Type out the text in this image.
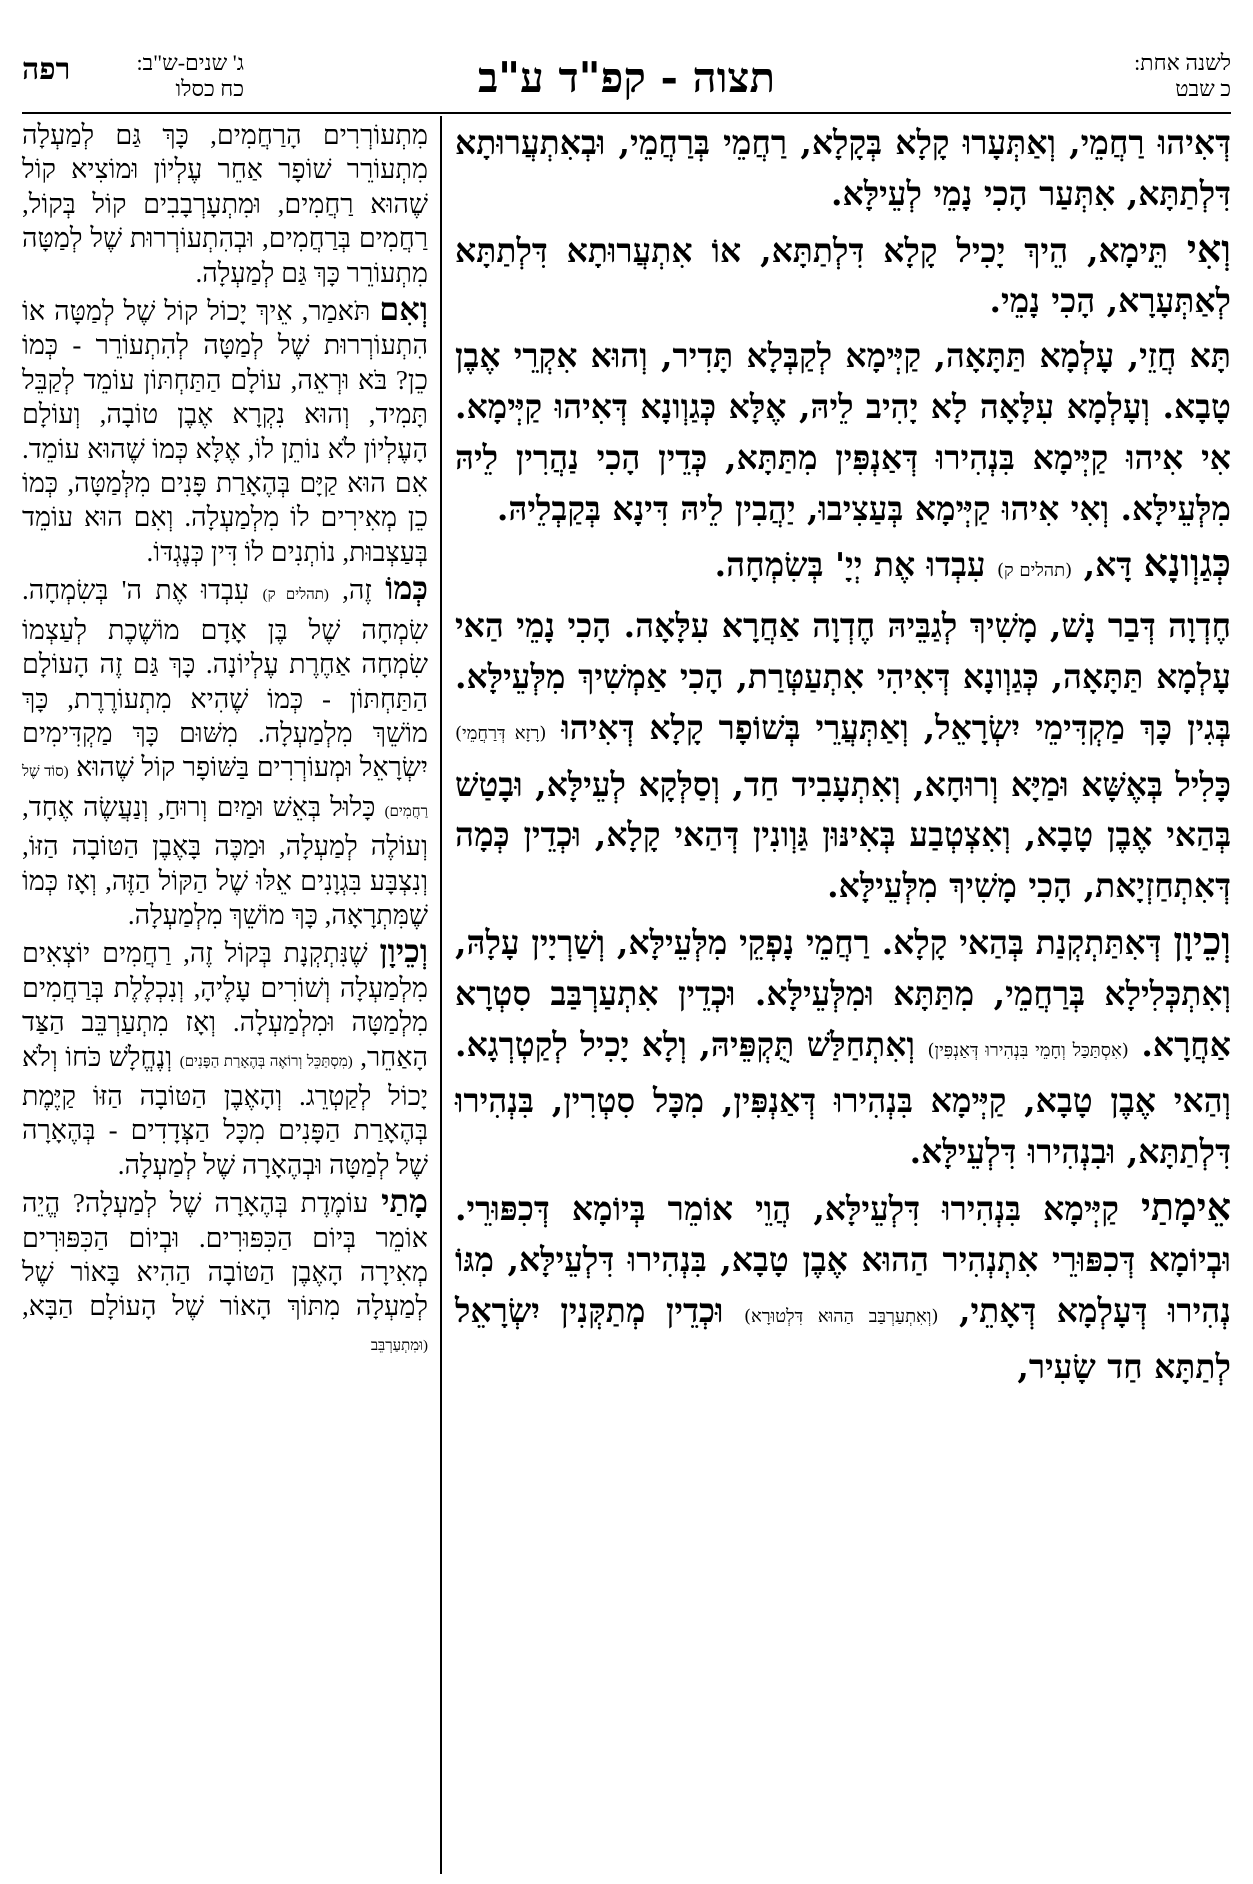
לשנה אחת:
כ שבט
תצוה - קפ"ד ע"ב
ג' שנים-ש"ב:
כח כסלו
רפה

דְּאִיהוּ רַחֲמֵי, וְאַתְּעָרוּ קָלָא בְּקָלָא, רַחֲמֵי בְּרַחֲמֵי, וּבְאִתְעֲרוּתָא דִּלְתַתָּא, אִתְּעַר הָכִי נָמֵי לְעֵילָּא.

וְאִי תֵּימָא, הֵיךְ יָכִיל קָלָא דִּלְתַתָּא, אוֹ אִתְעֲרוּתָא דִּלְתַתָּא לְאַתְּעָרָא, הָכִי נָמֵי.

תָּא חֲזֵי, עָלְמָא תַּתָּאָה, קַיְּימָא לְקַבְּלָא תָּדִיר, וְהוּא אִקְרֵי אֶבֶן טָבָא. וְעָלְמָא עִלָּאָה לָא יָהִיב לֵיהּ, אֶלָּא כְּגַוְונָא דְּאִיהוּ קַיְּימָא. אִי אִיהוּ קַיְּימָא בִּנְהִירוּ דְּאַנְפִּין מִתַּתָּא, כְּדֵין הָכִי נַהֲרִין לֵיהּ מִלְּעֵילָּא. וְאִי אִיהוּ קַיְּימָא בְּעַצִיבוּ, יַהֲבִין לֵיהּ דִּינָא בְּקַבְלֵיהּ.

כְּגַוְונָא דָּא, (תהלים ק) עִבְדוּ אֶת יְיָ' בְּשִׂמְחָה.

חֶדְוָה דְּבַר נָשׁ, מָשִׁיךְ לְגַבֵּיהּ חֶדְוָה אַחֲרָא עִלָּאָה. הָכִי נָמֵי הַאי עָלְמָא תַּתָּאָה, כְּגַוְונָא דְּאִיהִי אִתְעַטְּרַת, הָכִי אַמְשִׁיךְ מִלְּעֵילָּא. בְּגִין כָּךְ מַקְדִּימֵי יִשְׂרָאֵל, וְאַתְּעֲרֵי בְּשׁוֹפָר קָלָא דְּאִיהוּ (רָזָא דְּרַחֲמֵי) כָּלִיל בְּאֶשָּׁא וּמַיָּא וְרוּחָא, וְאִתְעָבִיד חַד, וְסַלְּקָא לְעֵילָּא, וּבָטַשׁ בְּהַאי אֶבֶן טָבָא, וְאִצְטְבַע בְּאִינּוּן גַּוְונִין דְּהַאי קָלָא, וּכְדֵין כְּמָה דְּאִתְחַזְיָאת, הָכִי מָשִׁיךְ מִלְּעֵילָּא.

וְכֵיוָן דְּאִתַּתְקְנַת בְּהַאי קָלָא. רַחֲמֵי נָפְקֵי מִלְּעֵילָּא, וְשַׁרְיָין עָלָהּ, וְאִתְכְּלִילָא בְּרַחֲמֵי, מִתַּתָּא וּמִלְּעֵילָּא. וּכְדֵין אִתְעַרְבַּב סִטְרָא אַחֲרָא. (אִסְתַּכַּל וְחָמֵי בִּנְהִירוּ דְּאַנְפִּין) וְאִתְחַלַּשׁ תֻּקְפֵּיהּ, וְלָא יָכִיל לְקַטְרְגָא. וְהַאי אֶבֶן טָבָא, קַיְּימָא בִּנְהִירוּ דְּאַנְפִּין, מִכָּל סִטְרִין, בִּנְהִירוּ דִּלְתַתָּא, וּבִנְהִירוּ דִּלְעֵילָּא.

אֵימָתַי קַיְּימָא בִּנְהִירוּ דִּלְעֵילָּא, הֲוֵי אוֹמֵר בְּיוֹמָא דְּכִפּוּרֵי. וּבְיוֹמָא דְּכִפּוּרֵי אִתְנְהִיר הַהוּא אֶבֶן טָבָא, בִּנְהִירוּ דִּלְעֵילָּא, מִגּוֹ נְהִירוּ דְּעָלְמָא דְּאָתֵי, (וְאִתְעַרְבַּב הַהוּא דִּלְטוּרָא) וּכְדֵין מְתַקְּנִין יִשְׂרָאֵל לְתַתָּא חַד שָׂעִיר,

מִתְעוֹרְרִים הָרַחֲמִים, כָּךְ גַּם לְמַעְלָה מִתְעוֹרֵר שׁוֹפָר אַחֵר עֶלְיוֹן וּמוֹצִיא קוֹל שֶׁהוּא רַחֲמִים, וּמִתְעָרְבָבִים קוֹל בְּקוֹל, רַחֲמִים בְּרַחֲמִים, וּבְהִתְעוֹרְרוּת שֶׁל לְמַטָּה מִתְעוֹרֵר כָּךְ גַּם לְמַעְלָה.

וְאִם תֹּאמַר, אֵיךְ יָכוֹל קוֹל שֶׁל לְמַטָּה אוֹ הִתְעוֹרְרוּת שֶׁל לְמַטָּה לְהִתְעוֹרֵר - כְּמוֹ כֵן? בֹּא וּרְאֵה, עוֹלָם הַתַּחְתּוֹן עוֹמֵד לְקַבֵּל תָּמִיד, וְהוּא נִקְרָא אֶבֶן טוֹבָה, וְעוֹלָם הָעֶלְיוֹן לֹא נוֹתֵן לוֹ, אֶלָּא כְּמוֹ שֶׁהוּא עוֹמֵד. אִם הוּא קַיָּם בְּהֶאָרַת פָּנִים מִלְּמַטָּה, כְּמוֹ כֵן מְאִירִים לוֹ מִלְמַעְלָה. וְאִם הוּא עוֹמֵד בְּעַצְבוּת, נוֹתְנִים לוֹ דִּין כְּנֶגְדּוֹ.

כְּמוֹ זֶה, (תהלים ק) עִבְדוּ אֶת ה' בְּשִׂמְחָה. שִׂמְחָה שֶׁל בֶּן אָדָם מוֹשֶׁכֶת לְעַצְמוֹ שִׂמְחָה אַחֶרֶת עֶלְיוֹנָה. כָּךְ גַּם זֶה הָעוֹלָם הַתַּחְתּוֹן - כְּמוֹ שֶׁהִיא מִתְעוֹרֶרֶת, כָּךְ מוֹשֵׁךְ מִלְמַעְלָה. מִשּׁוּם כָּךְ מַקְדִּימִים יִשְׂרָאֵל וּמְעוֹרְרִים בַּשּׁוֹפָר קוֹל שֶׁהוּא (סוֹד שֶׁל רַחֲמִים) כָּלוּל בְּאֵשׁ וּמַיִם וְרוּחַ, וְנַעֲשֶׂה אֶחָד, וְעוֹלֶה לְמַעְלָה, וּמַכֶּה בָּאֶבֶן הַטּוֹבָה הַזּוֹ, וְנִצְבָּע בִּגְוָנִים אֵלּוּ שֶׁל הַקּוֹל הַזֶּה, וְאָז כְּמוֹ שֶׁמִּתְרָאָה, כָּךְ מוֹשֵׁךְ מִלְמַעְלָה.

וְכֵיוָן שֶׁנִּתְקְנָת בְּקוֹל זֶה, רַחֲמִים יוֹצְאִים מִלְמַעְלָה וְשׁוֹרִים עָלֶיהָ, וְנִכְלֶלֶת בְּרַחֲמִים מִלְמַטָּה וּמִלְמַעְלָה. וְאָז מִתְעַרְבֵּב הַצַּד הָאַחֵר, (מִסְתַּכֵּל וְרוֹאֶה בְּהֶאָרַת הַפָּנִים) וְנֶחֱלָשׁ כֹּחוֹ וְלֹא יָכוֹל לְקַטְרֵג. וְהָאֶבֶן הַטּוֹבָה הַזּוֹ קַיֶּמֶת בְּהֶאָרַת הַפָּנִים מִכָּל הַצְּדָדִים - בְּהֶאָרָה שֶׁל לְמַטָּה וּבְהֶאָרָה שֶׁל לְמַעְלָה.

מָתַי עוֹמֶדֶת בְּהֶאָרָה שֶׁל לְמַעְלָה? הֱיֵה אוֹמֵר בְּיוֹם הַכִּפּוּרִים. וּבְיוֹם הַכִּפּוּרִים מְאִירָה הָאֶבֶן הַטּוֹבָה הַהִיא בָּאוֹר שֶׁל לְמַעְלָה מִתּוֹךְ הָאוֹר שֶׁל הָעוֹלָם הַבָּא, (וּמִתְעַרְבֵּב
